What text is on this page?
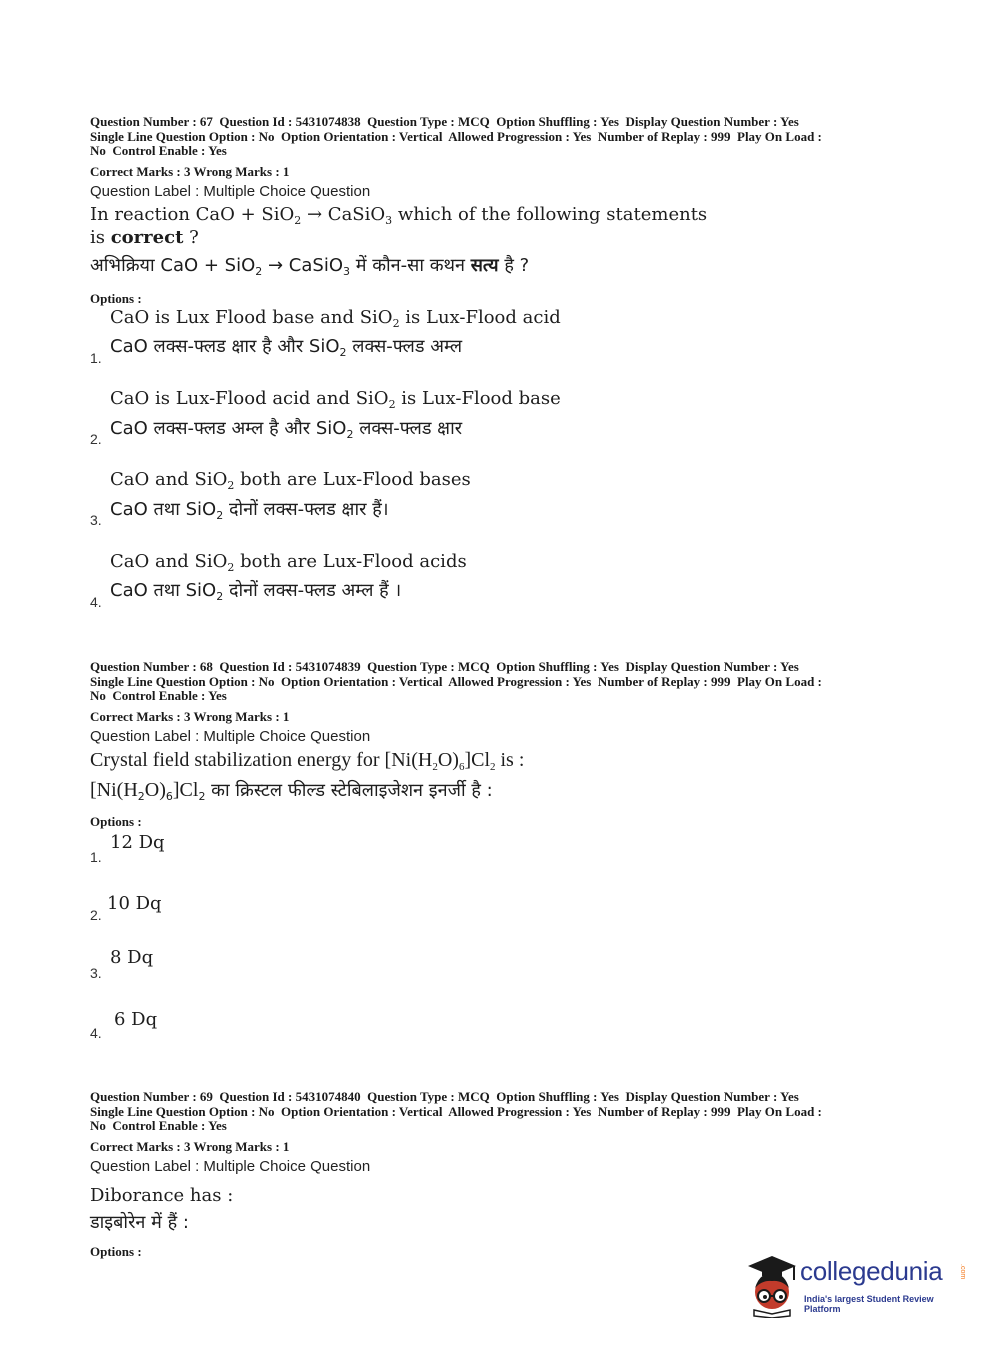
Question Number : 67  Question Id : 5431074838  Question Type : MCQ  Option Shuffling : Yes  Display Question Number : Yes
Single Line Question Option : No  Option Orientation : Vertical  Allowed Progression : Yes  Number of Replay : 999  Play On Load :
No  Control Enable : Yes
Correct Marks : 3 Wrong Marks : 1
Question Label : Multiple Choice Question
In reaction CaO + SiO$_2$ → CaSiO$_3$ which of the following statements
is correct ?
अभिक्रिया CaO + SiO$_2$ → CaSiO$_3$ में कौन-सा कथन सत्य है ?
Options :
CaO is Lux Flood base and SiO$_2$ is Lux-Flood acid
CaO लक्स-फ्लड क्षार है और SiO$_2$ लक्स-फ्लड अम्ल
1.
CaO is Lux-Flood acid and SiO$_2$ is Lux-Flood base
CaO लक्स-फ्लड अम्ल है और SiO$_2$ लक्स-फ्लड क्षार
2.
CaO and SiO$_2$ both are Lux-Flood bases
CaO तथा SiO$_2$ दोनों लक्स-फ्लड क्षार हैं।
3.
CaO and SiO$_2$ both are Lux-Flood acids
CaO तथा SiO$_2$ दोनों लक्स-फ्लड अम्ल हैं ।
4.
Question Number : 68  Question Id : 5431074839  Question Type : MCQ  Option Shuffling : Yes  Display Question Number : Yes
Single Line Question Option : No  Option Orientation : Vertical  Allowed Progression : Yes  Number of Replay : 999  Play On Load :
No  Control Enable : Yes
Correct Marks : 3 Wrong Marks : 1
Question Label : Multiple Choice Question
Crystal field stabilization energy for $[Ni(H_2O)_6]Cl_2$ is :
$[Ni(H_2O)_6]Cl_2$ का क्रिस्टल फील्ड स्टेबिलाइजेशन इनर्जी है :
Options :
12 Dq
1.
10 Dq
2.
8 Dq
3.
6 Dq
4.
Question Number : 69  Question Id : 5431074840  Question Type : MCQ  Option Shuffling : Yes  Display Question Number : Yes
Single Line Question Option : No  Option Orientation : Vertical  Allowed Progression : Yes  Number of Replay : 999  Play On Load :
No  Control Enable : Yes
Correct Marks : 3 Wrong Marks : 1
Question Label : Multiple Choice Question
Diborance has :
डाइबोरेन में हैं :
Options :
collegedunia .com
India's largest Student Review Platform
